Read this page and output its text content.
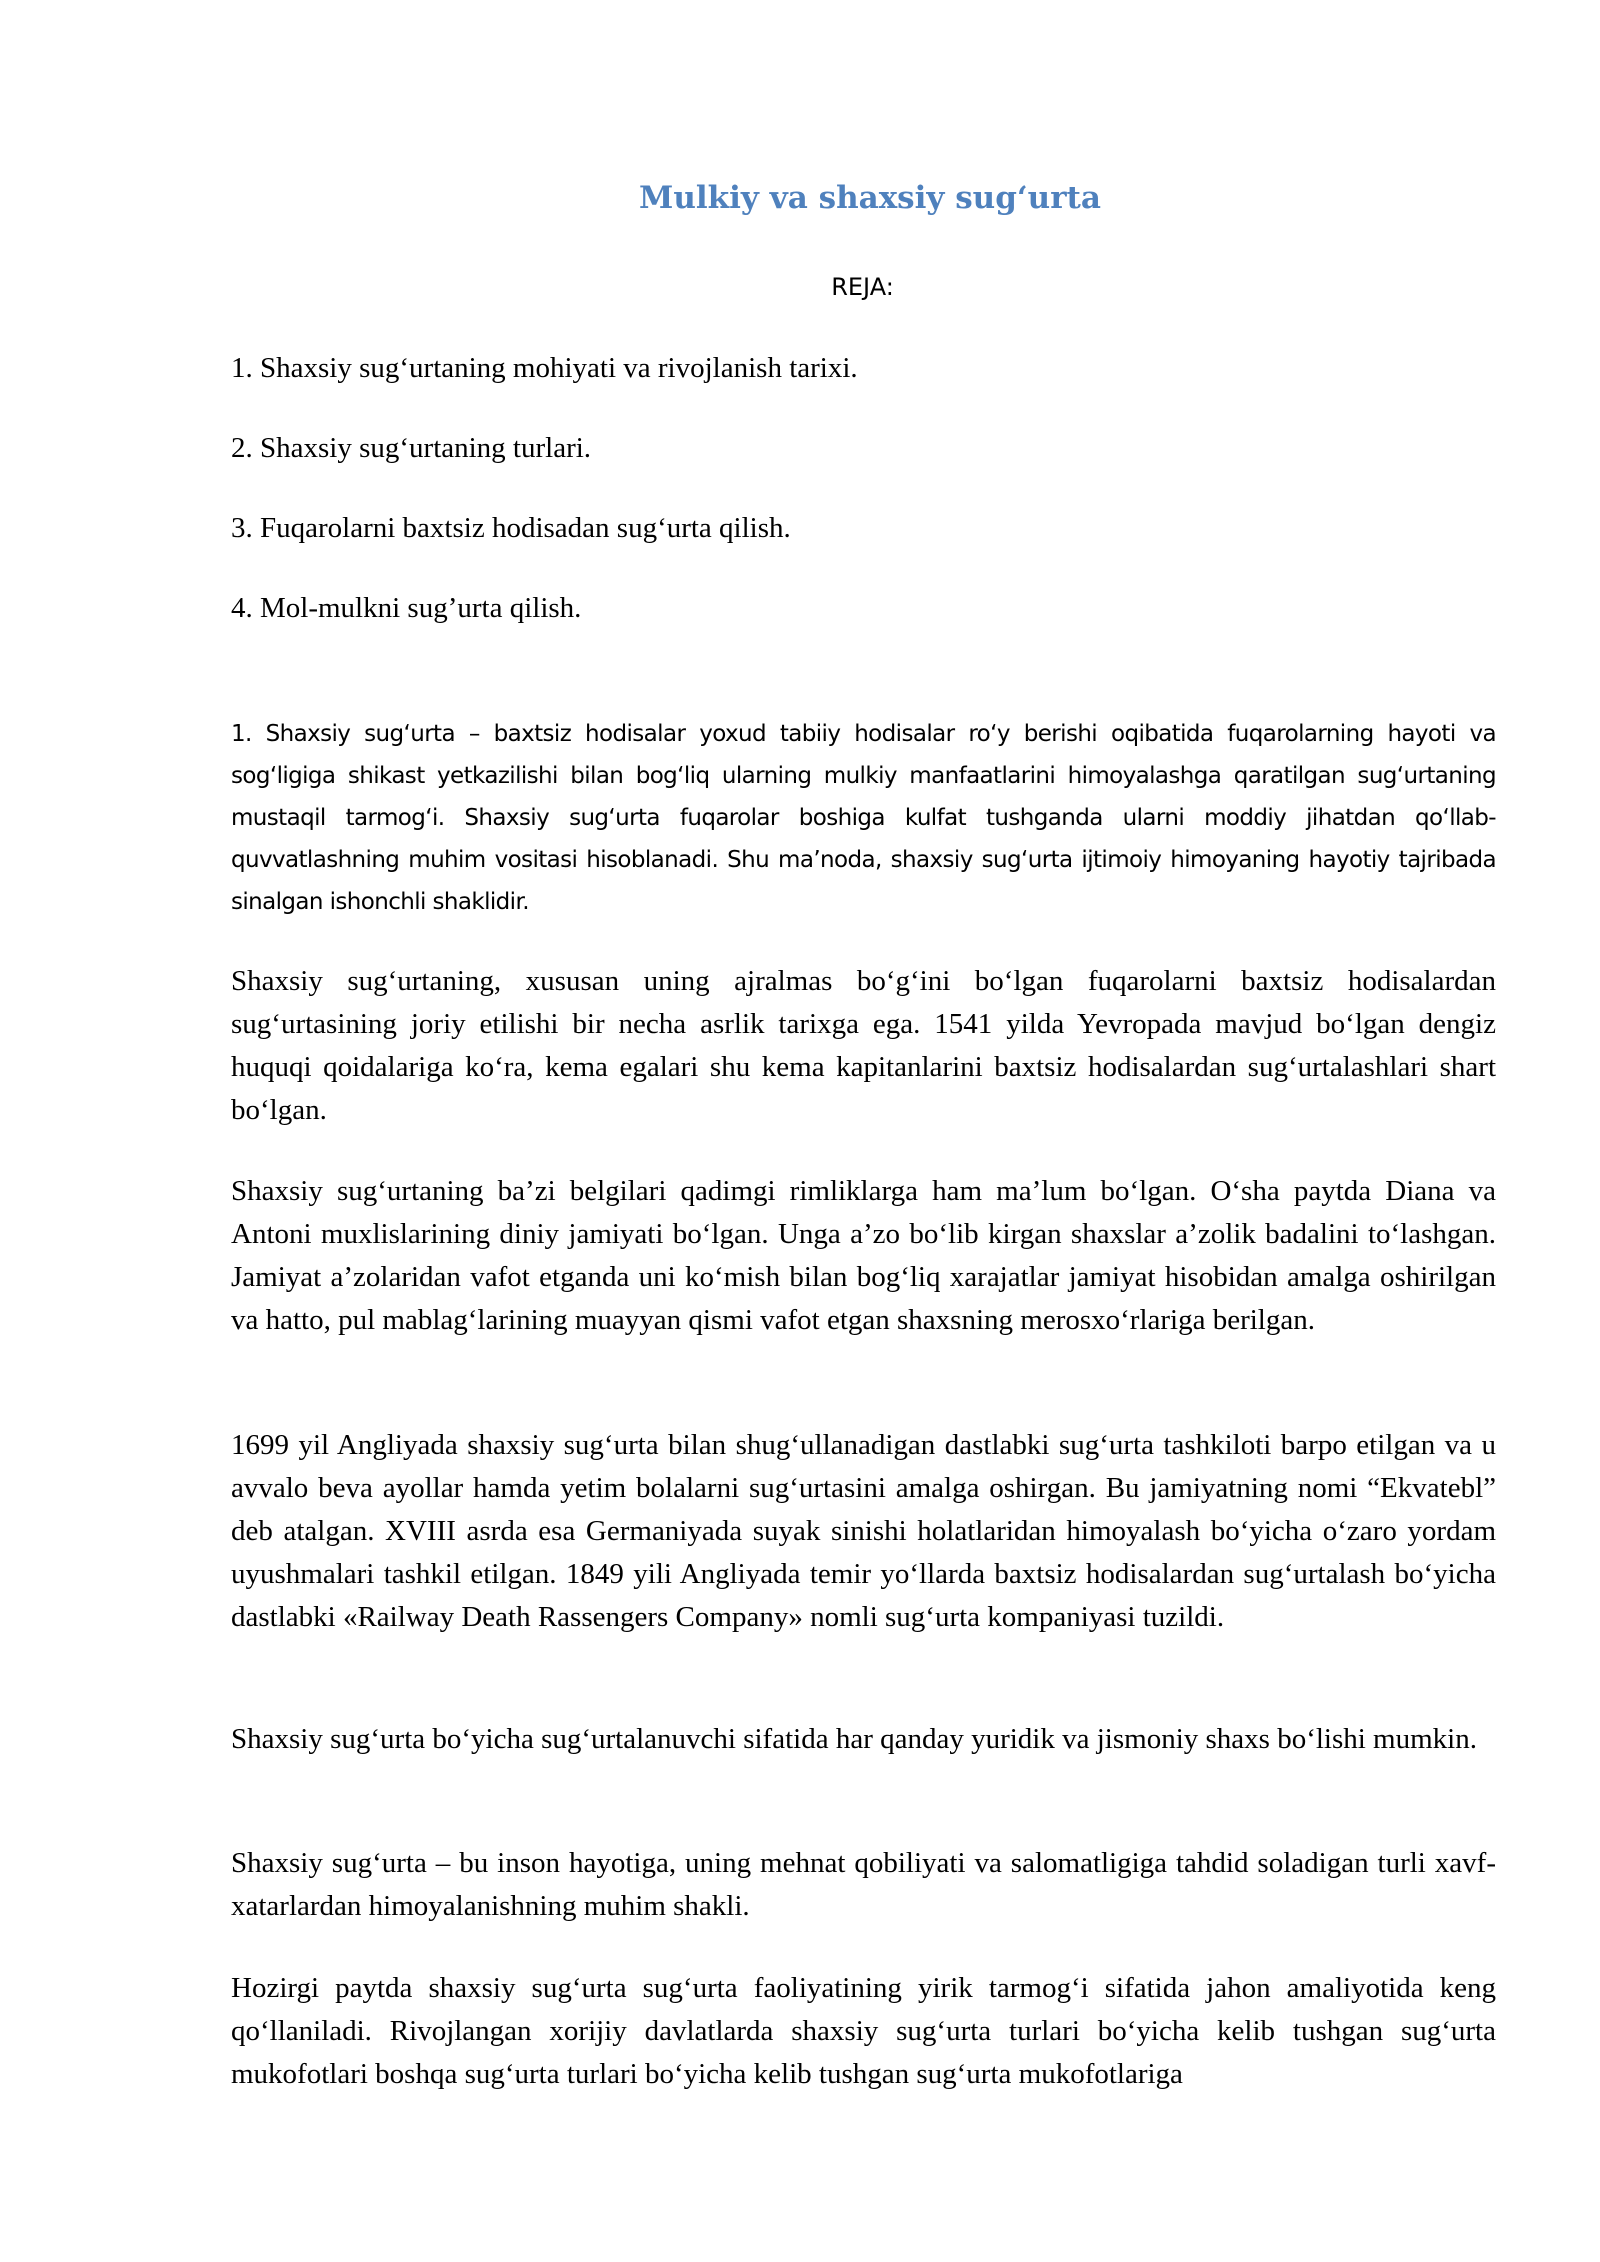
Mulkiy va shaxsiy sug‘urta

REJA:

1. Shaxsiy sug‘urtaning mohiyati va rivojlanish tarixi.
2. Shaxsiy sug‘urtaning turlari.
3. Fuqarolarni baxtsiz hodisadan sug‘urta qilish.
4. Mol-mulkni sug’urta qilish.

1. Shaxsiy sug‘urta – baxtsiz hodisalar yoxud tabiiy hodisalar ro‘y berishi oqibatida fuqarolarning hayoti va sog‘ligiga shikast yetkazilishi bilan bog‘liq ularning mulkiy manfaatlarini himoyalashga qaratilgan sug‘urtaning mustaqil tarmog‘i. Shaxsiy sug‘urta fuqarolar boshiga kulfat tushganda ularni moddiy jihatdan qo‘llab-quvvatlashning muhim vositasi hisoblanadi. Shu ma’noda, shaxsiy sug‘urta ijtimoiy himoyaning hayotiy tajribada sinalgan ishonchli shaklidir.

Shaxsiy sug‘urtaning, xususan uning ajralmas bo‘g‘ini bo‘lgan fuqarolarni baxtsiz hodisalardan sug‘urtasining joriy etilishi bir necha asrlik tarixga ega. 1541 yilda Yevropada mavjud bo‘lgan dengiz huquqi qoidalariga ko‘ra, kema egalari shu kema kapitanlarini baxtsiz hodisalardan sug‘urtalashlari shart bo‘lgan.

Shaxsiy sug‘urtaning ba’zi belgilari qadimgi rimliklarga ham ma’lum bo‘lgan. O‘sha paytda Diana va Antoni muxlislarining diniy jamiyati bo‘lgan. Unga a’zo bo‘lib kirgan shaxslar a’zolik badalini to‘lashgan. Jamiyat a’zolaridan vafot etganda uni ko‘mish bilan bog‘liq xarajatlar jamiyat hisobidan amalga oshirilgan va hatto, pul mablag‘larining muayyan qismi vafot etgan shaxsning merosxo‘rlariga berilgan.

1699 yil Angliyada shaxsiy sug‘urta bilan shug‘ullanadigan dastlabki sug‘urta tashkiloti barpo etilgan va u avvalo beva ayollar hamda yetim bolalarni sug‘urtasini amalga oshirgan. Bu jamiyatning nomi “Ekvatebl” deb atalgan. XVIII asrda esa Germaniyada suyak sinishi holatlaridan himoyalash bo‘yicha o‘zaro yordam uyushmalari tashkil etilgan. 1849 yili Angliyada temir yo‘llarda baxtsiz hodisalardan sug‘urtalash bo‘yicha dastlabki «Railway Death Rassengers Company» nomli sug‘urta kompaniyasi tuzildi.

Shaxsiy sug‘urta bo‘yicha sug‘urtalanuvchi sifatida har qanday yuridik va jismoniy shaxs bo‘lishi mumkin.

Shaxsiy sug‘urta – bu inson hayotiga, uning mehnat qobiliyati va salomatligiga tahdid soladigan turli xavf-xatarlardan himoyalanishning muhim shakli.

Hozirgi paytda shaxsiy sug‘urta sug‘urta faoliyatining yirik tarmog‘i sifatida jahon amaliyotida keng qo‘llaniladi. Rivojlangan xorijiy davlatlarda shaxsiy sug‘urta turlari bo‘yicha kelib tushgan sug‘urta mukofotlari boshqa sug‘urta turlari bo‘yicha kelib tushgan sug‘urta mukofotlariga
